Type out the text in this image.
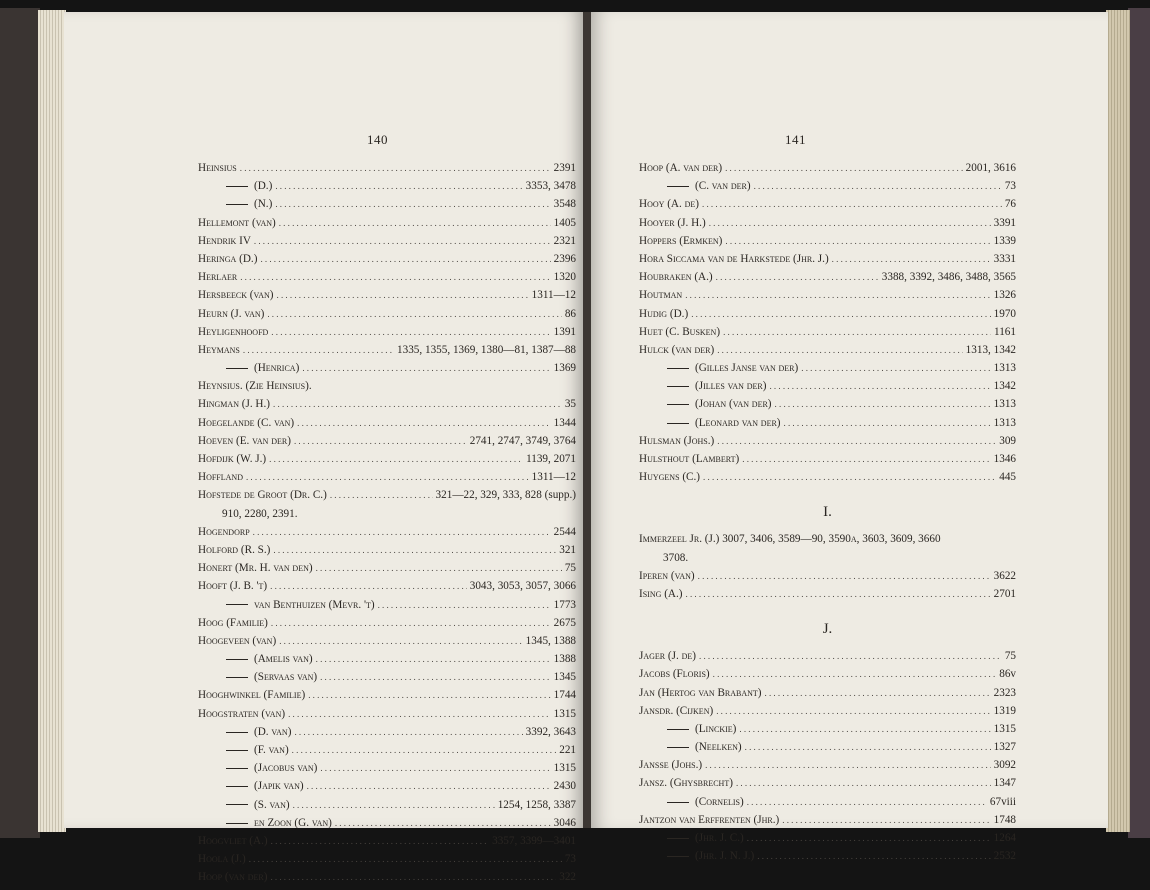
140
Heinsius .....	2391
(D.) .....	3353, 3478
(N.) .....	3548
Hellemont (van) .....	1405
Hendrik IV .....	2321
Heringa (D.) .....	2396
Herlaer .....	1320
Hersbeeck (van) .....	1311—12
Heurn (J. van) .....	86
Heyligenhoofd .....	1391
Heymans .....	1335, 1355, 1369, 1380—81, 1387—88
(Henrica) .....	1369
Heynsius. (Zie Heinsius).
Hingman (J. H.) .....	35
Hoegelande (C. van) .....	1344
Hoeven (E. van der) .....	2741, 2747, 3749, 3764
Hofdijk (W. J.) .....	1139, 2071
Hoffland .....	1311—12
Hofstede de Groot (Dr. C.) .....	321—22, 329, 333, 828 (supp.)
910, 2280, 2391.
Hogendorp .....	2544
Holford (R. S.) .....	321
Honert (Mr. H. van den) .....	75
Hooft (J. B. 't) .....	3043, 3053, 3057, 3066
van Benthuizen (Mevr. 't) .....	1773
Hoog (Familie) .....	2675
Hoogeveen (van) .....	1345, 1388
(Amelis van) .....	1388
(Servaas van) .....	1345
Hooghwinkel (Familie) .....	1744
Hoogstraten (van) .....	1315
(D. van) .....	3392, 3643
(F. van) .....	221
(Jacobus van) .....	1315
(Japik van) .....	2430
(S. van) .....	1254, 1258, 3387
en Zoon (G. van) .....	3046
Hoogvliet (A.) .....	3357, 3399—3401
Hoola (J.) .....	73
Hoop (van der) .....	322
141
Hoop (A. van der) .....	2001, 3616
(C. van der) .....	73
Hooy (A. de) .....	76
Hooyer (J. H.) .....	3391
Hoppers (Ermken) .....	1339
Hora Siccama van de Harkstede (Jhr. J.) .....	3331
Houbraken (A.) .....	3388, 3392, 3486, 3488, 3565
Houtman .....	1326
Hudig (D.) .....	1970
Huet (C. Busken) .....	1161
Hulck (van der) .....	1313, 1342
(Gilles Janse van der) .....	1313
(Jilles van der) .....	1342
(Johan (van der) .....	1313
(Leonard van der) .....	1313
Hulsman (Johs.) .....	309
Hulsthout (Lambert) .....	1346
Huygens (C.) .....	445
I.
Immerzeel Jr. (J.) 3007, 3406, 3589—90, 3590a, 3603, 3609, 3660
3708.
Iperen (van) .....	3622
Ising (A.) .....	2701
J.
Jager (J. de) .....	75
Jacobs (Floris) .....	86v
Jan (Hertog van Brabant) .....	2323
Jansdr. (Cijken) .....	1319
(Linckie) .....	1315
(Neelken) .....	1327
Jansse (Johs.) .....	3092
Jansz. (Ghysbrecht) .....	1347
(Cornelis) .....	67viii
Jantzon van Erffrenten (Jhr.) .....	1748
(Jhr. J. C.) .....	1264
(Jhr. J. N. J.) .....	2532
